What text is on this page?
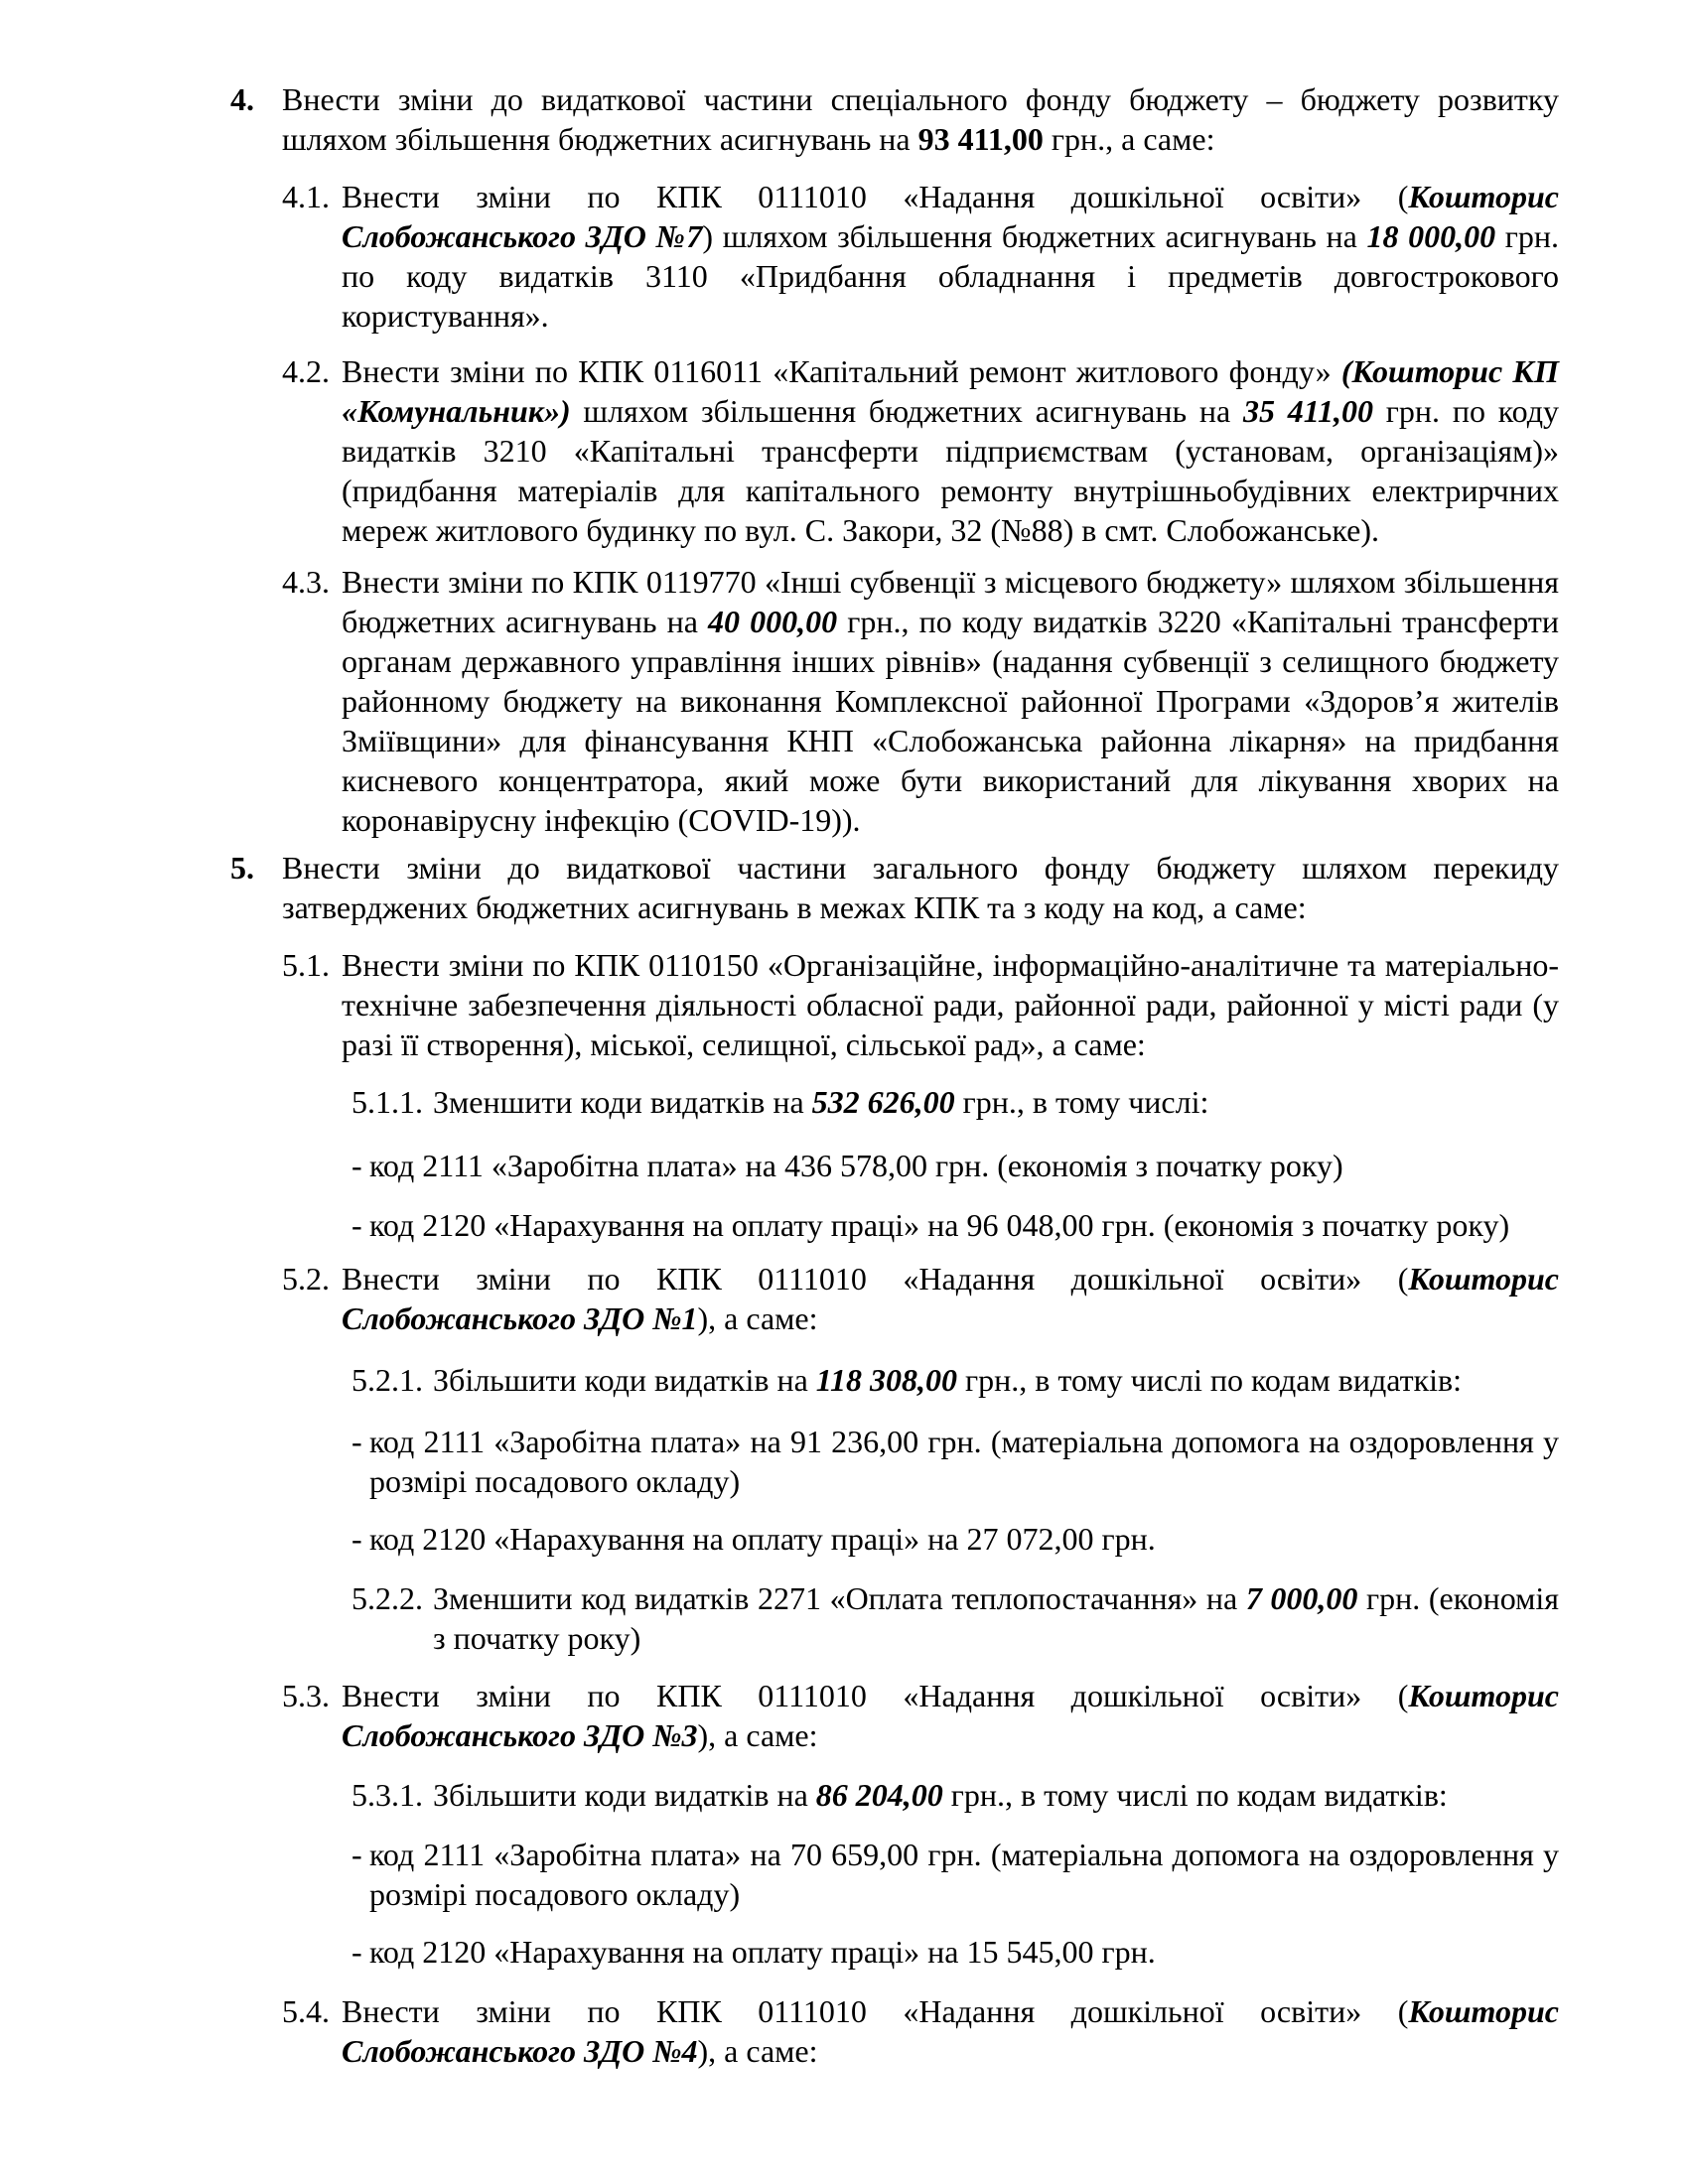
4. Внести зміни до видаткової частини спеціального фонду бюджету – бюджету розвитку шляхом збільшення бюджетних асигнувань на 93 411,00 грн., а саме:

4.1. Внести зміни по КПК 0111010 «Надання дошкільної освіти» (Кошторис Слобожанського ЗДО №7) шляхом збільшення бюджетних асигнувань на 18 000,00 грн. по коду видатків 3110 «Придбання обладнання і предметів довгострокового користування».

4.2. Внести зміни по КПК 0116011 «Капітальний ремонт житлового фонду» (Кошторис КП «Комунальник») шляхом збільшення бюджетних асигнувань на 35 411,00 грн. по коду видатків 3210 «Капітальні трансферти підприємствам (установам, організаціям)» (придбання матеріалів для капітального ремонту внутрішньобудівних електрирчних мереж житлового будинку по вул. С. Закори, 32 (№88) в смт. Слобожанське).

4.3. Внести зміни по КПК 0119770 «Інші субвенції з місцевого бюджету» шляхом збільшення бюджетних асигнувань на 40 000,00 грн., по коду видатків 3220 «Капітальні трансферти органам державного управління інших рівнів» (надання субвенції з селищного бюджету районному бюджету на виконання Комплексної районної Програми «Здоров’я жителів Зміївщини» для фінансування КНП «Слобожанська районна лікарня» на придбання кисневого концентратора, який може бути використаний для лікування хворих на коронавірусну інфекцію (COVID-19)).

5. Внести зміни до видаткової частини загального фонду бюджету шляхом перекиду затверджених бюджетних асигнувань в межах КПК та з коду на код, а саме:
5.1. Внести зміни по КПК 0110150 «Організаційне, інформаційно-аналітичне та матеріально-технічне забезпечення діяльності обласної ради, районної ради, районної у місті ради (у разі її створення), міської, селищної, сільської рад», а саме:
5.1.1. Зменшити коди видатків на 532 626,00 грн., в тому числі:

- код 2111 «Заробітна плата» на 436 578,00 грн. (економія з початку року)
- код 2120 «Нарахування на оплату праці» на 96 048,00 грн. (економія з початку року)
5.2. Внести зміни по КПК 0111010 «Надання дошкільної освіти» (Кошторис Слобожанського ЗДО №1), а саме:

5.2.1. Збільшити коди видатків на 118 308,00 грн., в тому числі по кодам видатків:

- код 2111 «Заробітна плата» на 91 236,00 грн. (матеріальна допомога на оздоровлення у розмірі посадового окладу)
- код 2120 «Нарахування на оплату праці» на 27 072,00 грн.
5.2.2. Зменшити код видатків 2271 «Оплата теплопостачання» на 7 000,00 грн. (економія з початку року)

5.3. Внести зміни по КПК 0111010 «Надання дошкільної освіти» (Кошторис Слобожанського ЗДО №3), а саме:

5.3.1. Збільшити коди видатків на 86 204,00 грн., в тому числі по кодам видатків:

- код 2111 «Заробітна плата» на 70 659,00 грн. (матеріальна допомога на оздоровлення у розмірі посадового окладу)
- код 2120 «Нарахування на оплату праці» на 15 545,00 грн.
5.4. Внести зміни по КПК 0111010 «Надання дошкільної освіти» (Кошторис Слобожанського ЗДО №4), а саме:
